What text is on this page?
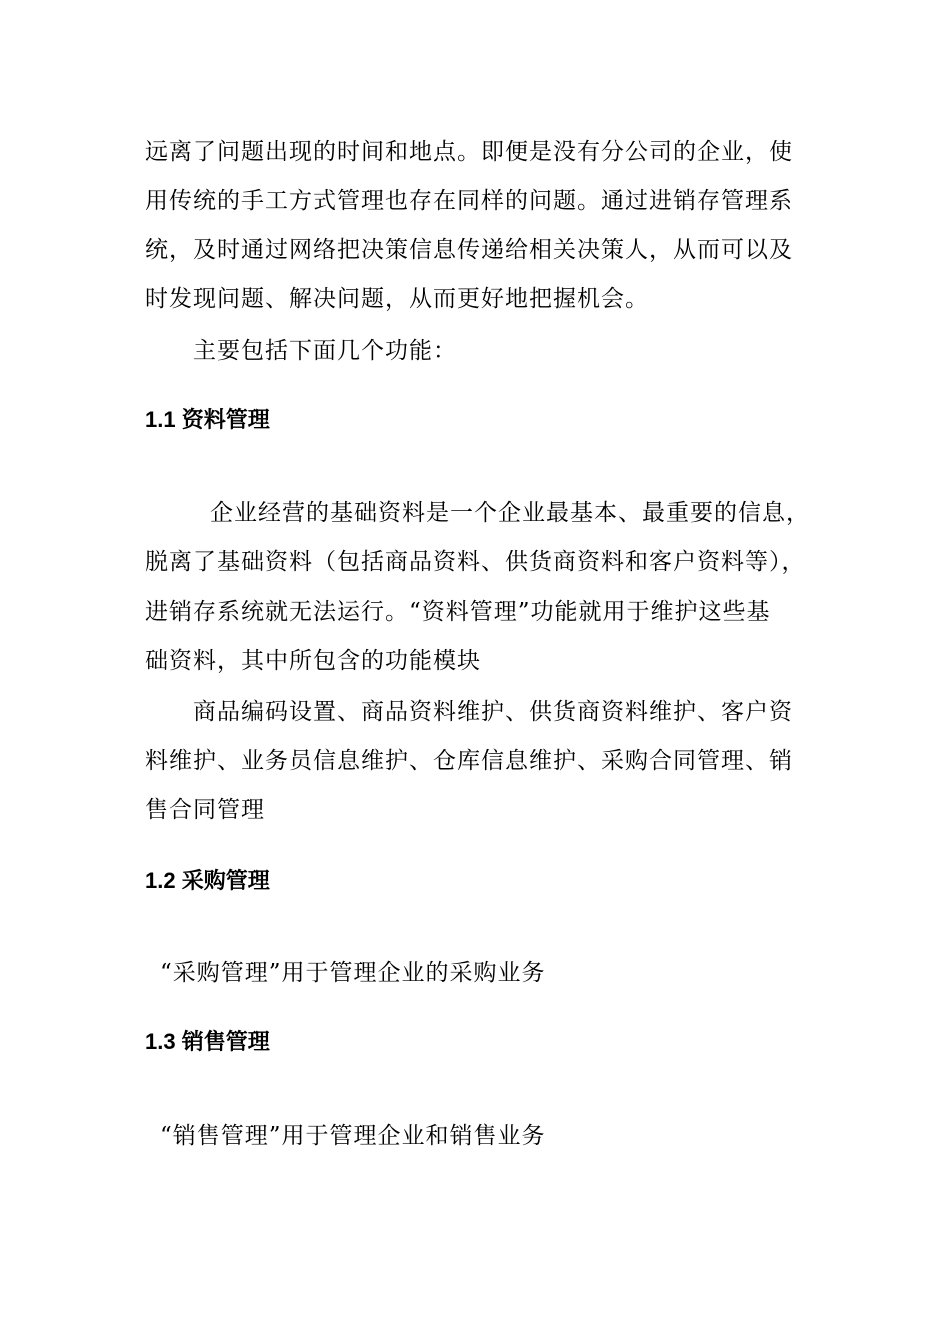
远离了问题出现的时间和地点。即便是没有分公司的企业，使
用传统的手工方式管理也存在同样的问题。通过进销存管理系
统，及时通过网络把决策信息传递给相关决策人，从而可以及
时发现问题、解决问题，从而更好地把握机会。
主要包括下面几个功能：
1.1 资料管理
企业经营的基础资料是一个企业最基本、最重要的信息，
脱离了基础资料（包括商品资料、供货商资料和客户资料等），
进销存系统就无法运行。“资料管理”功能就用于维护这些基
础资料，其中所包含的功能模块
商品编码设置、商品资料维护、供货商资料维护、客户资
料维护、业务员信息维护、仓库信息维护、采购合同管理、销
售合同管理
1.2 采购管理
“采购管理”用于管理企业的采购业务
1.3 销售管理
“销售管理”用于管理企业和销售业务
